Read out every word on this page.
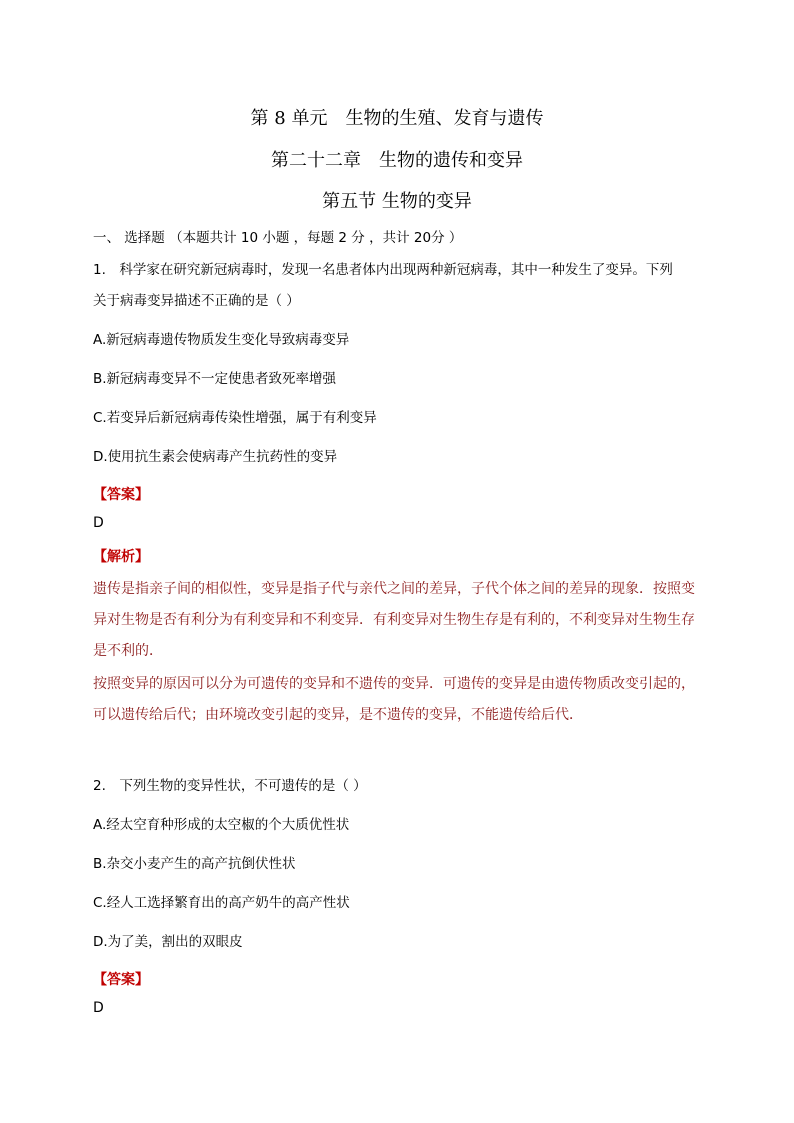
第 8 单元　生物的生殖、发育与遗传
第二十二章　生物的遗传和变异
第五节 生物的变异
一、 选择题 （本题共计 10 小题 ，每题 2 分 ，共计 20分 ）
1.　科学家在研究新冠病毒时，发现一名患者体内出现两种新冠病毒，其中一种发生了变异。下列
关于病毒变异描述不正确的是（ ）
A.新冠病毒遗传物质发生变化导致病毒变异
B.新冠病毒变异不一定使患者致死率增强
C.若变异后新冠病毒传染性增强，属于有利变异
D.使用抗生素会使病毒产生抗药性的变异
【答案】
D
【解析】
遗传是指亲子间的相似性，变异是指子代与亲代之间的差异，子代个体之间的差异的现象．按照变
异对生物是否有利分为有利变异和不利变异．有利变异对生物生存是有利的，不利变异对生物生存
是不利的．
按照变异的原因可以分为可遗传的变异和不遗传的变异．可遗传的变异是由遗传物质改变引起的，
可以遗传给后代；由环境改变引起的变异，是不遗传的变异，不能遗传给后代．
2.　下列生物的变异性状，不可遗传的是（ ）
A.经太空育种形成的太空椒的个大质优性状
B.杂交小麦产生的高产抗倒伏性状
C.经人工选择繁育出的高产奶牛的高产性状
D.为了美，割出的双眼皮
【答案】
D
